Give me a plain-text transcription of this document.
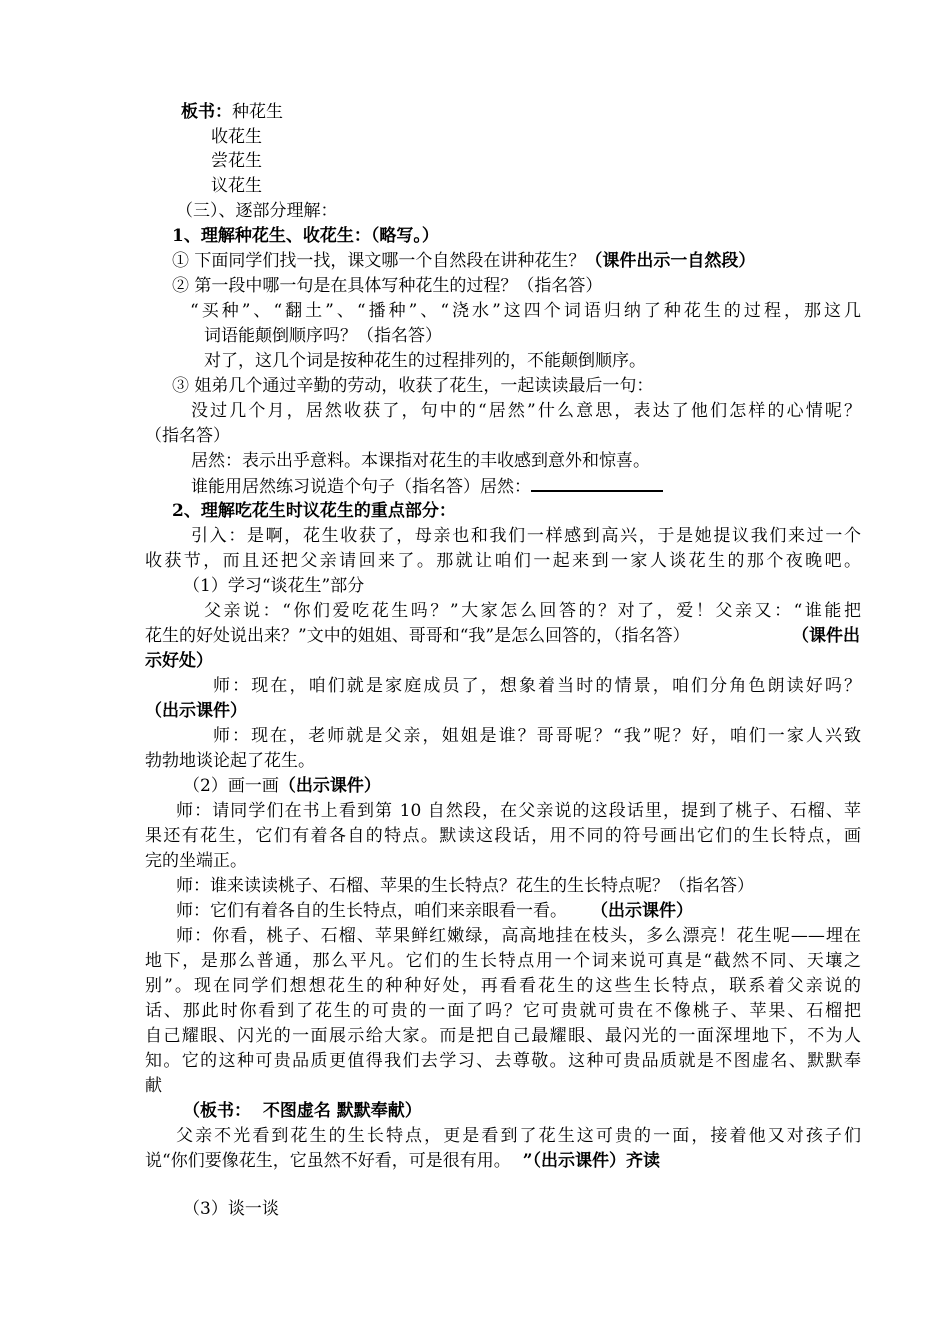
板书：种花生
收花生
尝花生
议花生
（三）、逐部分理解：
1、理解种花生、收花生：（略写。）
① 下面同学们找一找，课文哪一个自然段在讲种花生？（课件出示一自然段）
② 第一段中哪一句是在具体写种花生的过程？（指名答）
“买种”、“翻土”、“播种”、“浇水”这四个词语归纳了种花生的过程，那这几
词语能颠倒顺序吗？（指名答）
对了，这几个词是按种花生的过程排列的，不能颠倒顺序。
③ 姐弟几个通过辛勤的劳动，收获了花生，一起读读最后一句：
没过几个月，居然收获了，句中的“居然”什么意思，表达了他们怎样的心情呢？
（指名答）
居然：表示出乎意料。本课指对花生的丰收感到意外和惊喜。
谁能用居然练习说造个句子（指名答）居然：
2、理解吃花生时议花生的重点部分：
引入：是啊，花生收获了，母亲也和我们一样感到高兴，于是她提议我们来过一个
收获节，而且还把父亲请回来了。那就让咱们一起来到一家人谈花生的那个夜晚吧。
（1）学习“谈花生”部分
父亲说：“你们爱吃花生吗？”大家怎么回答的？对了，爱！父亲又：“谁能把
花生的好处说出来？”文中的姐姐、哥哥和“我”是怎么回答的，（指名答）	（课件出
示好处）
师：现在，咱们就是家庭成员了，想象着当时的情景，咱们分角色朗读好吗？
（出示课件）
师：现在，老师就是父亲，姐姐是谁？哥哥呢？“我”呢？好，咱们一家人兴致
勃勃地谈论起了花生。
（2）画一画（出示课件）
师：请同学们在书上看到第 10 自然段，在父亲说的这段话里，提到了桃子、石榴、苹
果还有花生，它们有着各自的特点。默读这段话，用不同的符号画出它们的生长特点，画
完的坐端正。
师：谁来读读桃子、石榴、苹果的生长特点？花生的生长特点呢？（指名答）
师：它们有着各自的生长特点，咱们来亲眼看一看。 （出示课件）
师：你看，桃子、石榴、苹果鲜红嫩绿，高高地挂在枝头，多么漂亮！花生呢——埋在
地下，是那么普通，那么平凡。它们的生长特点用一个词来说可真是“截然不同、天壤之
别”。现在同学们想想花生的种种好处，再看看花生的这些生长特点，联系着父亲说的
话、那此时你看到了花生的可贵的一面了吗？它可贵就可贵在不像桃子、苹果、石榴把
自己耀眼、闪光的一面展示给大家。而是把自己最耀眼、最闪光的一面深埋地下，不为人
知。它的这种可贵品质更值得我们去学习、去尊敬。这种可贵品质就是不图虚名、默默奉
献
（板书：  不图虚名 默默奉献）
父亲不光看到花生的生长特点，更是看到了花生这可贵的一面，接着他又对孩子们
说“你们要像花生，它虽然不好看，可是很有用。 ”（出示课件）齐读
（3）谈一谈
